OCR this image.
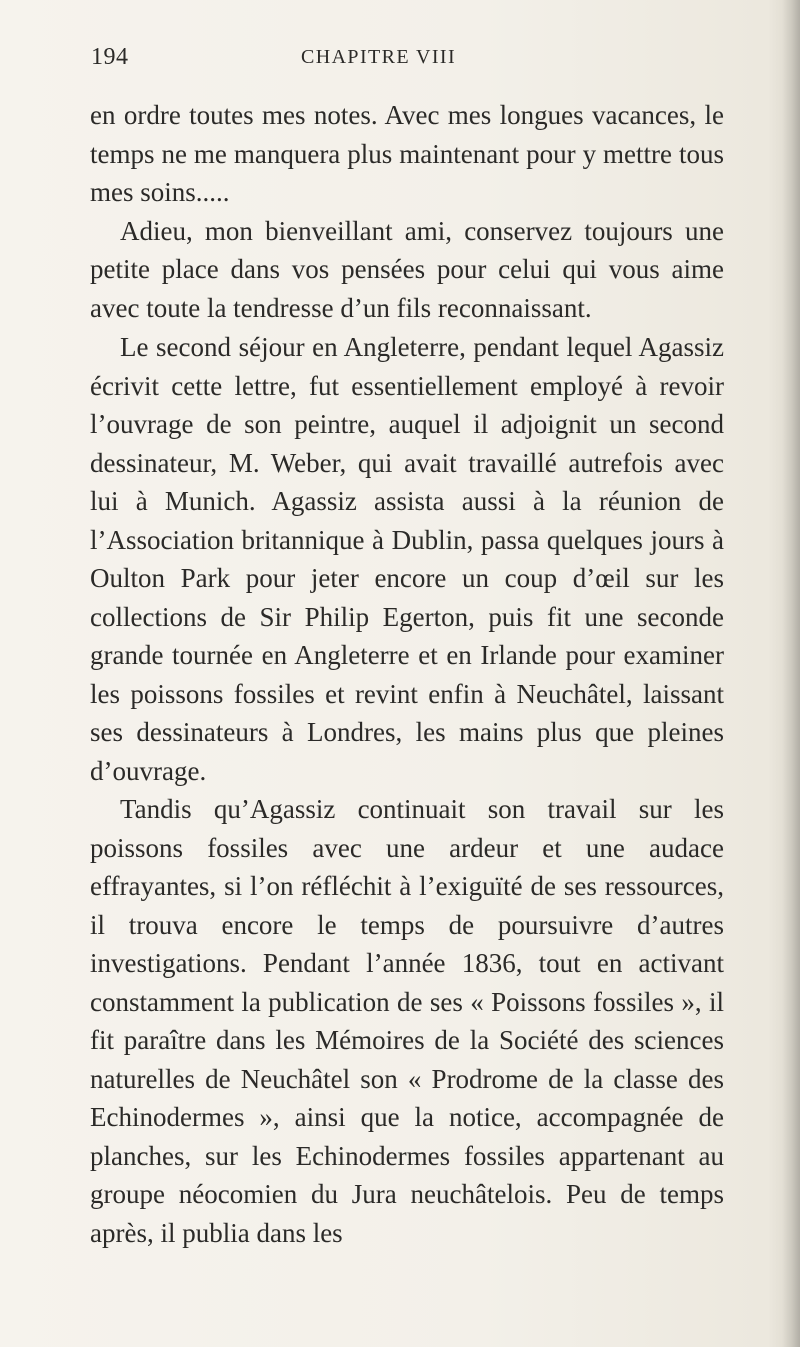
194	CHAPITRE VIII

en ordre toutes mes notes. Avec mes longues vacances, le temps ne me manquera plus maintenant pour y mettre tous mes soins.....

Adieu, mon bienveillant ami, conservez toujours une petite place dans vos pensées pour celui qui vous aime avec toute la tendresse d’un fils reconnaissant.

Le second séjour en Angleterre, pendant lequel Agassiz écrivit cette lettre, fut essentiellement employé à revoir l’ouvrage de son peintre, auquel il adjoignit un second dessinateur, M. Weber, qui avait travaillé autrefois avec lui à Munich. Agassiz assista aussi à la réunion de l’Association britannique à Dublin, passa quelques jours à Oulton Park pour jeter encore un coup d’œil sur les collections de Sir Philip Egerton, puis fit une seconde grande tournée en Angleterre et en Irlande pour examiner les poissons fossiles et revint enfin à Neuchâtel, laissant ses dessinateurs à Londres, les mains plus que pleines d’ouvrage.

Tandis qu’Agassiz continuait son travail sur les poissons fossiles avec une ardeur et une audace effrayantes, si l’on réfléchit à l’exiguïté de ses ressources, il trouva encore le temps de poursuivre d’autres investigations. Pendant l’année 1836, tout en activant constamment la publication de ses « Poissons fossiles », il fit paraître dans les Mémoires de la Société des sciences naturelles de Neuchâtel son « Prodrome de la classe des Echinodermes », ainsi que la notice, accompagnée de planches, sur les Echinodermes fossiles appartenant au groupe néocomien du Jura neuchâtelois. Peu de temps après, il publia dans les
